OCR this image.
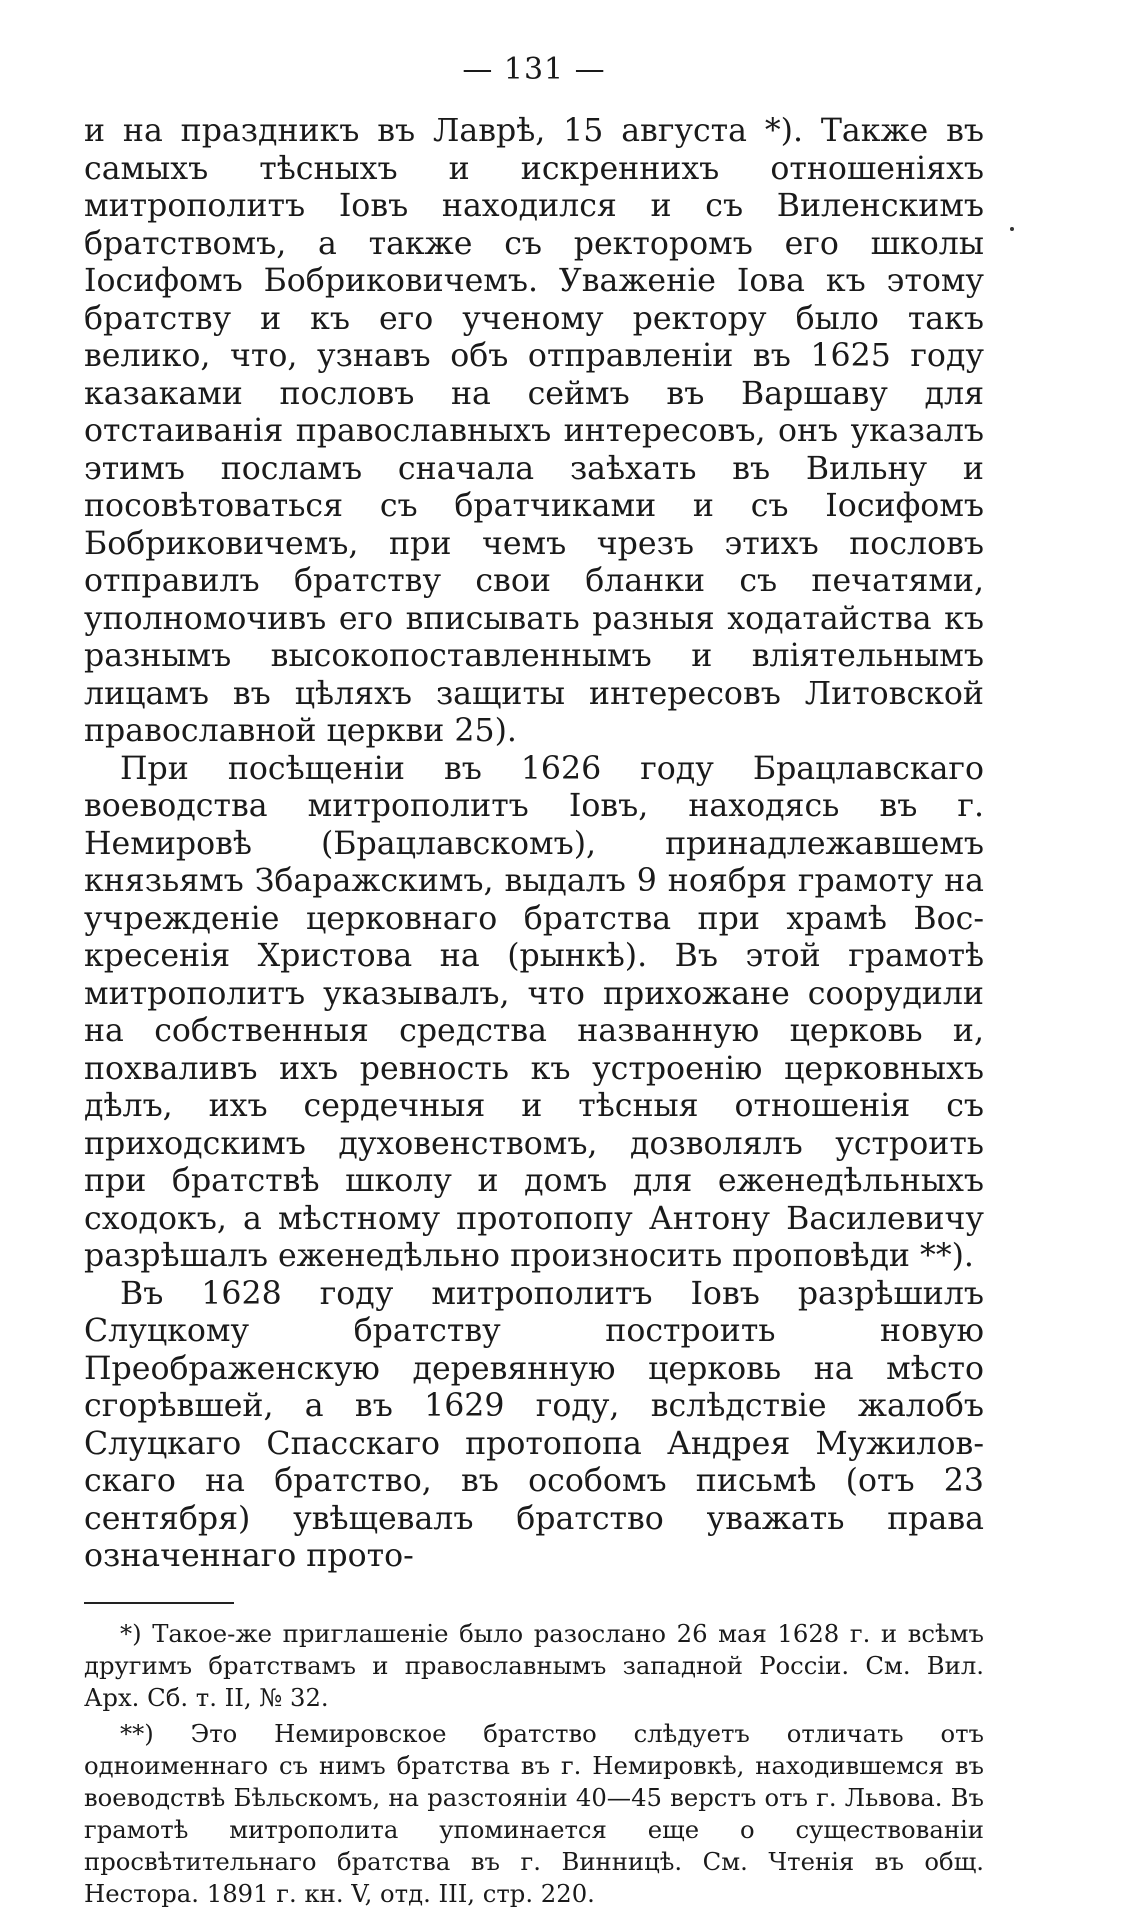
— 131 —

и на праздникъ въ Лаврѣ, 15 августа *). Также въ самыхъ тѣсныхъ и искреннихъ отношеніяхъ митрополитъ Іовъ находился и съ Виленскимъ братствомъ, а также съ ректоромъ его школы Іосифомъ Бобриковичемъ. Уваженіе Іова къ этому братству и къ его ученому ректору было такъ велико, что, узнавъ объ отправленіи въ 1625 году казаками пословъ на сеймъ въ Варшаву для отстаиванія православныхъ интересовъ, онъ указалъ этимъ посламъ сначала заѣхать въ Вильну и посовѣтоваться съ братчиками и съ Іосифомъ Бобриковичемъ, при чемъ чрезъ этихъ пословъ отправилъ братству свои бланки съ печатями, уполномочивъ его вписывать разныя ходатайства къ разнымъ высокопоставленнымъ и вліятельнымъ лицамъ въ цѣляхъ защиты интересовъ Литовской православной церкви 25).

При посѣщеніи въ 1626 году Брацлавскаго воеводства митрополитъ Іовъ, находясь въ г. Немировѣ (Брацлавскомъ), принадлежавшемъ князьямъ Збаражскимъ, выдалъ 9 ноября грамоту на учрежденіе церковнаго братства при храмѣ Воскресенія Христова на (рынкѣ). Въ этой грамотѣ митрополитъ указывалъ, что прихожане соорудили на собственныя средства названную церковь и, похваливъ ихъ ревность къ устроенію церковныхъ дѣлъ, ихъ сердечныя и тѣсныя отношенія съ приходскимъ духовенствомъ, дозволялъ устроить при братствѣ школу и домъ для еженедѣльныхъ сходокъ, а мѣстному протопопу Антону Василевичу разрѣшалъ еженедѣльно произносить проповѣди **).

Въ 1628 году митрополитъ Іовъ разрѣшилъ Слуцкому братству построить новую Преображенскую деревянную церковь на мѣсто сгорѣвшей, а въ 1629 году, вслѣдствіе жалобъ Слуцкаго Спасскаго протопопа Андрея Мужиловскаго на братство, въ особомъ письмѣ (отъ 23 сентября) увѣщевалъ братство уважать права означеннаго прото-

*) Такое-же приглашеніе было разослано 26 мая 1628 г. и всѣмъ другимъ братствамъ и православнымъ западной Россіи. См. Вил. Арх. Сб. т. II, № 32.

**) Это Немировское братство слѣдуетъ отличать отъ одноименнаго съ нимъ братства въ г. Немировкѣ, находившемся въ воеводствѣ Бѣльскомъ, на разстояніи 40—45 верстъ отъ г. Львова. Въ грамотѣ митрополита упоминается еще о существованіи просвѣтительнаго братства въ г. Винницѣ. См. Чтенія въ общ. Нестора. 1891 г. кн. V, отд. III, стр. 220.
